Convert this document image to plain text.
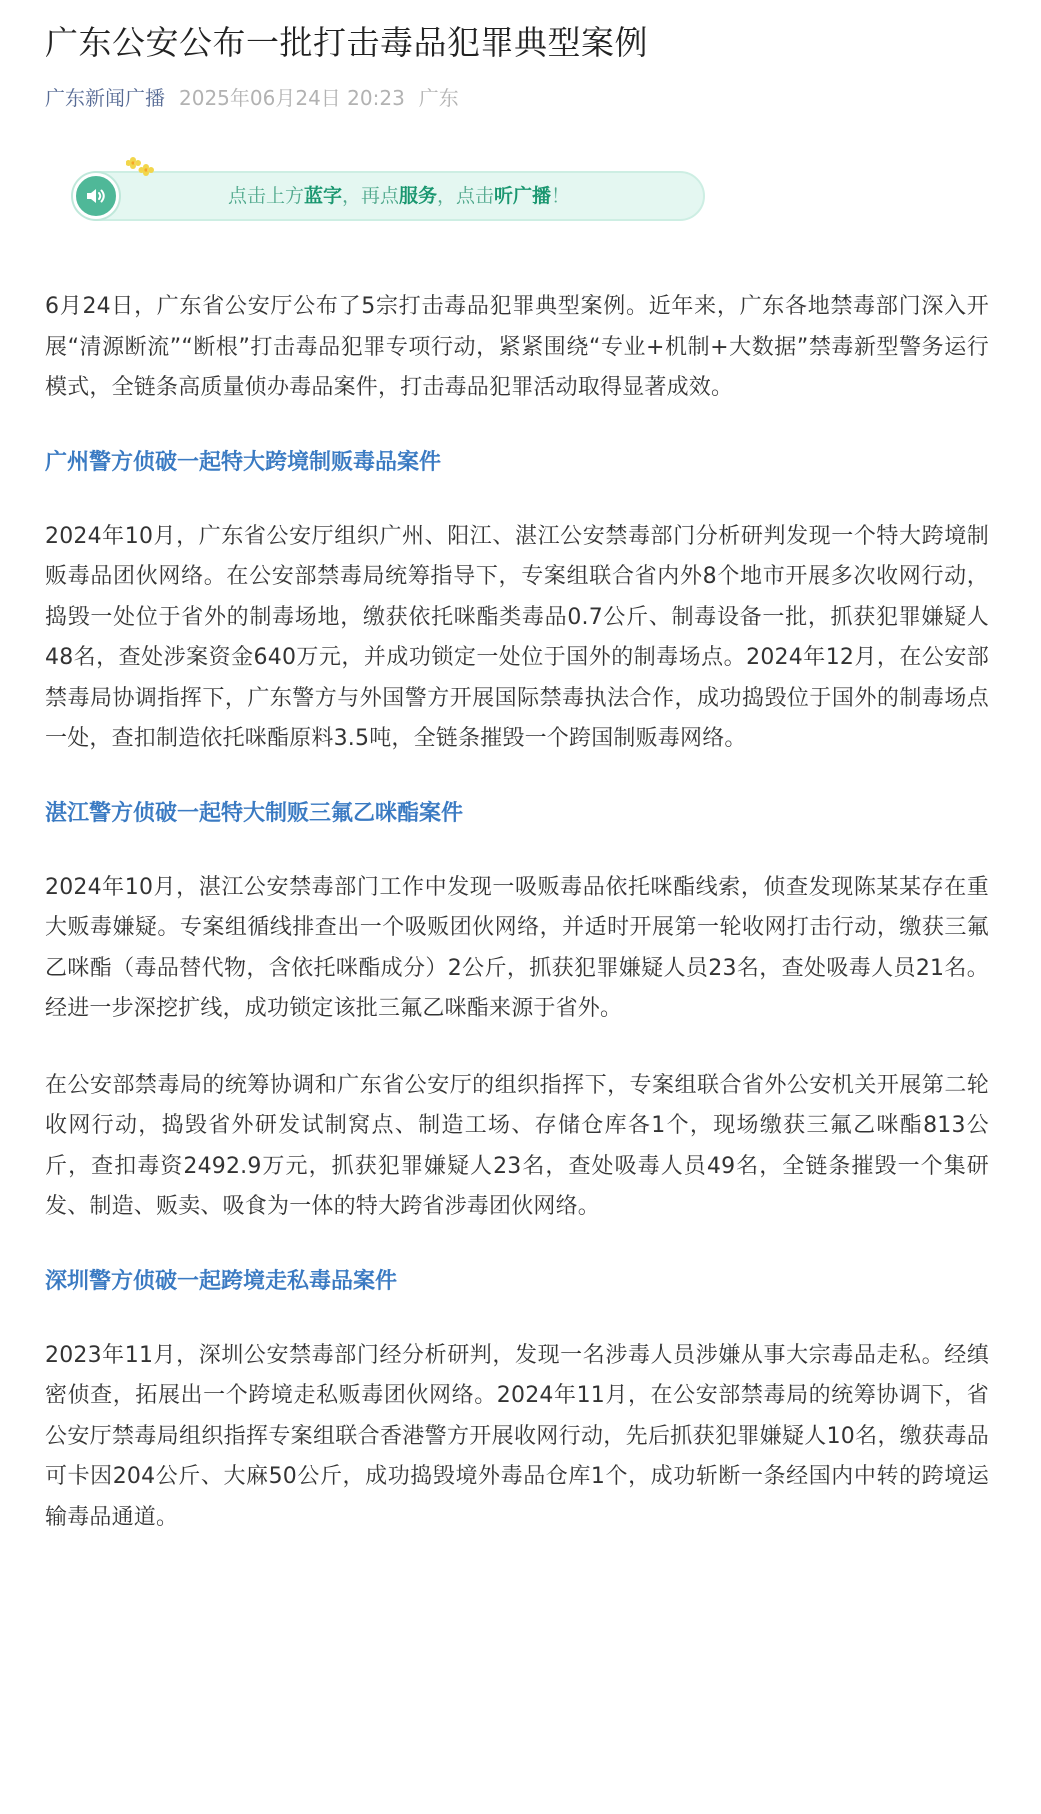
广东公安公布一批打击毒品犯罪典型案例
广东新闻广播 2025年06月24日 20:23 广东
点击上方蓝字，再点服务，点击听广播！

6月24日，广东省公安厅公布了5宗打击毒品犯罪典型案例。近年来，广东各地禁毒部门深入开展“清源断流”“断根”打击毒品犯罪专项行动，紧紧围绕“专业+机制+大数据”禁毒新型警务运行模式，全链条高质量侦办毒品案件，打击毒品犯罪活动取得显著成效。

广州警方侦破一起特大跨境制贩毒品案件

2024年10月，广东省公安厅组织广州、阳江、湛江公安禁毒部门分析研判发现一个特大跨境制贩毒品团伙网络。在公安部禁毒局统筹指导下，专案组联合省内外8个地市开展多次收网行动，捣毁一处位于省外的制毒场地，缴获依托咪酯类毒品0.7公斤、制毒设备一批，抓获犯罪嫌疑人48名，查处涉案资金640万元，并成功锁定一处位于国外的制毒场点。2024年12月，在公安部禁毒局协调指挥下，广东警方与外国警方开展国际禁毒执法合作，成功捣毁位于国外的制毒场点一处，查扣制造依托咪酯原料3.5吨，全链条摧毁一个跨国制贩毒网络。

湛江警方侦破一起特大制贩三氟乙咪酯案件

2024年10月，湛江公安禁毒部门工作中发现一吸贩毒品依托咪酯线索，侦查发现陈某某存在重大贩毒嫌疑。专案组循线排查出一个吸贩团伙网络，并适时开展第一轮收网打击行动，缴获三氟乙咪酯（毒品替代物，含依托咪酯成分）2公斤，抓获犯罪嫌疑人员23名，查处吸毒人员21名。经进一步深挖扩线，成功锁定该批三氟乙咪酯来源于省外。

在公安部禁毒局的统筹协调和广东省公安厅的组织指挥下，专案组联合省外公安机关开展第二轮收网行动，捣毁省外研发试制窝点、制造工场、存储仓库各1个，现场缴获三氟乙咪酯813公斤，查扣毒资2492.9万元，抓获犯罪嫌疑人23名，查处吸毒人员49名，全链条摧毁一个集研发、制造、贩卖、吸食为一体的特大跨省涉毒团伙网络。

深圳警方侦破一起跨境走私毒品案件

2023年11月，深圳公安禁毒部门经分析研判，发现一名涉毒人员涉嫌从事大宗毒品走私。经缜密侦查，拓展出一个跨境走私贩毒团伙网络。2024年11月，在公安部禁毒局的统筹协调下，省公安厅禁毒局组织指挥专案组联合香港警方开展收网行动，先后抓获犯罪嫌疑人10名，缴获毒品可卡因204公斤、大麻50公斤，成功捣毁境外毒品仓库1个，成功斩断一条经国内中转的跨境运输毒品通道。
